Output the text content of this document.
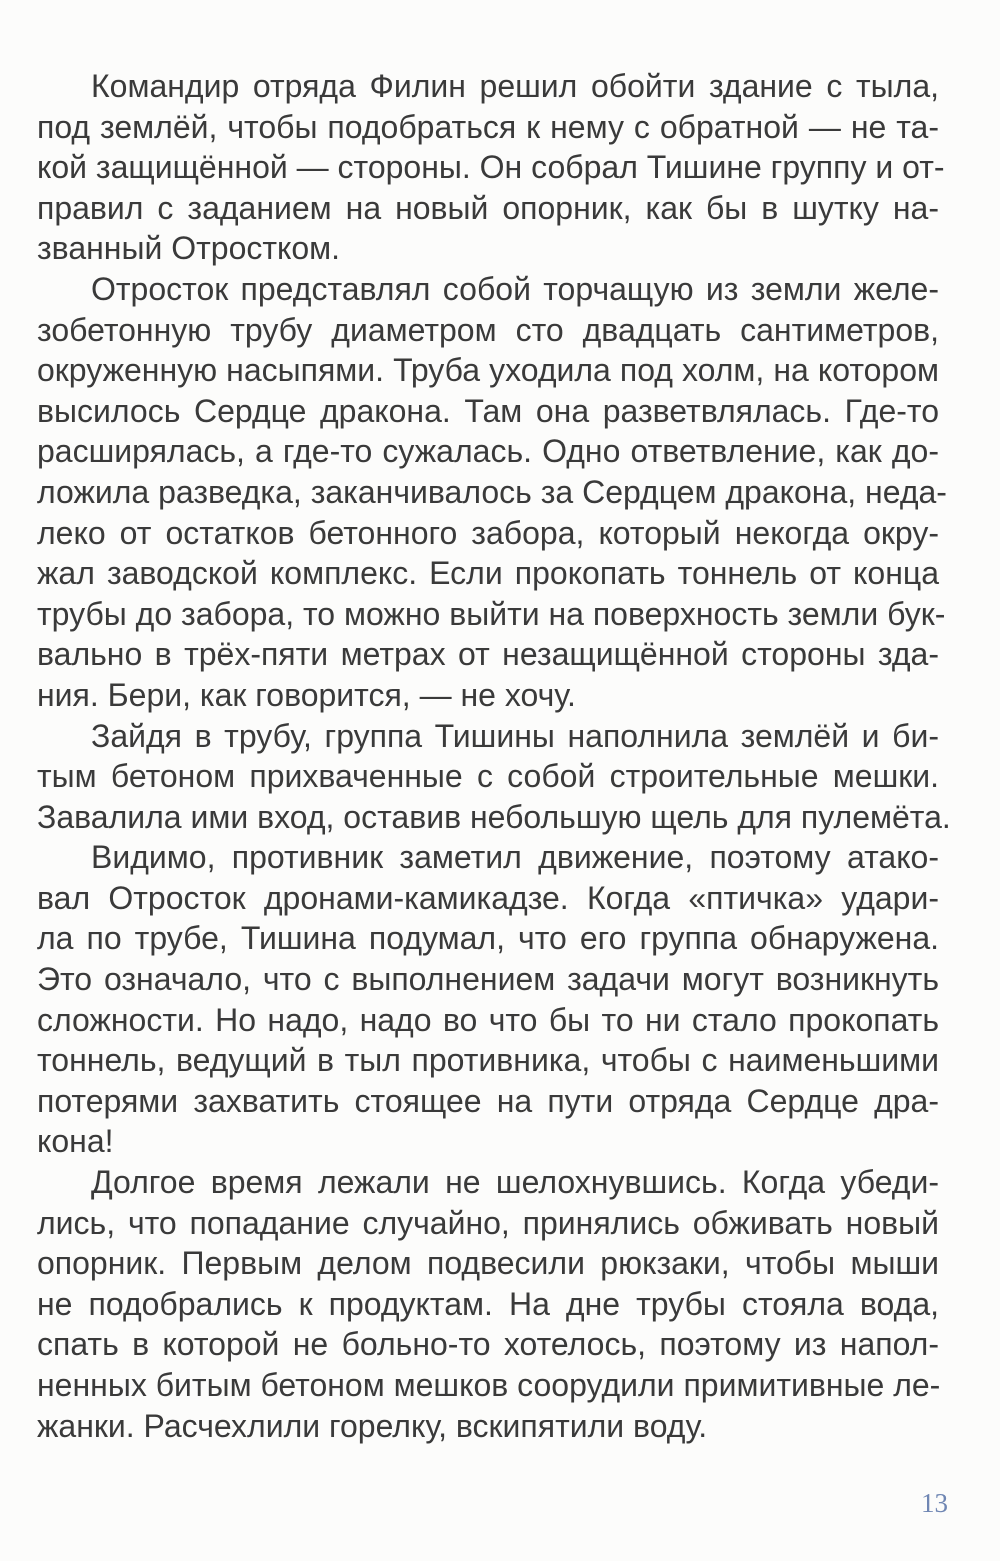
Командир отряда Филин решил обойти здание с тыла,
под землёй, чтобы подобраться к нему с обратной — не та-
кой защищённой — стороны. Он собрал Тишине группу и от-
правил с заданием на новый опорник, как бы в шутку на-
званный Отростком.
Отросток представлял собой торчащую из земли желе-
зобетонную трубу диаметром сто двадцать сантиметров,
окруженную насыпями. Труба уходила под холм, на котором
высилось Сердце дракона. Там она разветвлялась. Где-то
расширялась, а где-то сужалась. Одно ответвление, как до-
ложила разведка, заканчивалось за Сердцем дракона, неда-
леко от остатков бетонного забора, который некогда окру-
жал заводской комплекс. Если прокопать тоннель от конца
трубы до забора, то можно выйти на поверхность земли бук-
вально в трёх-пяти метрах от незащищённой стороны зда-
ния. Бери, как говорится, — не хочу.
Зайдя в трубу, группа Тишины наполнила землёй и би-
тым бетоном прихваченные с собой строительные мешки.
Завалила ими вход, оставив небольшую щель для пулемёта.
Видимо, противник заметил движение, поэтому атако-
вал Отросток дронами-камикадзе. Когда «птичка» удари-
ла по трубе, Тишина подумал, что его группа обнаружена.
Это означало, что с выполнением задачи могут возникнуть
сложности. Но надо, надо во что бы то ни стало прокопать
тоннель, ведущий в тыл противника, чтобы с наименьшими
потерями захватить стоящее на пути отряда Сердце дра-
кона!
Долгое время лежали не шелохнувшись. Когда убеди-
лись, что попадание случайно, принялись обживать новый
опорник. Первым делом подвесили рюкзаки, чтобы мыши
не подобрались к продуктам. На дне трубы стояла вода,
спать в которой не больно-то хотелось, поэтому из напол-
ненных битым бетоном мешков соорудили примитивные ле-
жанки. Расчехлили горелку, вскипятили воду.
13
